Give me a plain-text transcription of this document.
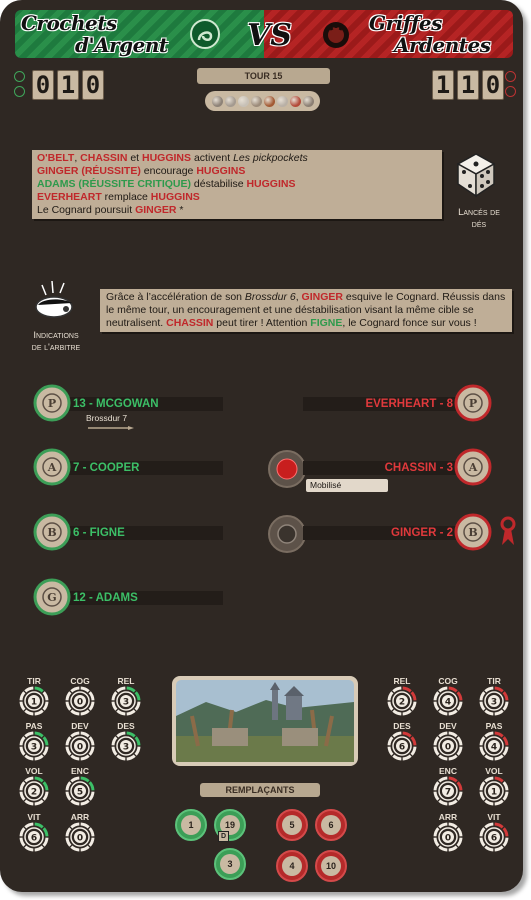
Crochets
d'Argent
Griffes
Ardentes
VS
0 1 0	1 1 0
TOUR 15
O'BELT, CHASSIN et HUGGINS activent Les pickpockets
GINGER (RÉUSSITE) encourage HUGGINS
ADAMS (RÉUSSITE CRITIQUE) déstabilise HUGGINS
EVERHEART remplace HUGGINS
Le Cognard poursuit GINGER *	Lancés de
dés
Indications
de l'arbitre
Grâce à l’accélération de son Brossdur 6, GINGER esquive le Cognard. Réussis dans le même tour, un encouragement et une déstabilisation visant la même cible se neutralisent. CHASSIN peut tirer ! Attention FIGNE, le Cognard fonce sur vous !
13 - MCGOWAN
P
Brossdur 7
7 - COOPER
A
6 - FIGNE
B
12 - ADAMS
G
EVERHEART - 8	P
CHASSIN - 3	A
Mobilisé
GINGER - 2	B
TIR
1
COG
0
REL
3
PAS
3
DEV
0
DES
3
VOL
2
ENC
5
VIT
6
ARR
0
REL
2
COG
4
TIR
3
DES
6
DEV
0
PAS
4
ENC
7
VOL
1
ARR
0
VIT
6
REMPLAÇANTS
1	19
D
3
5	6
4	10
